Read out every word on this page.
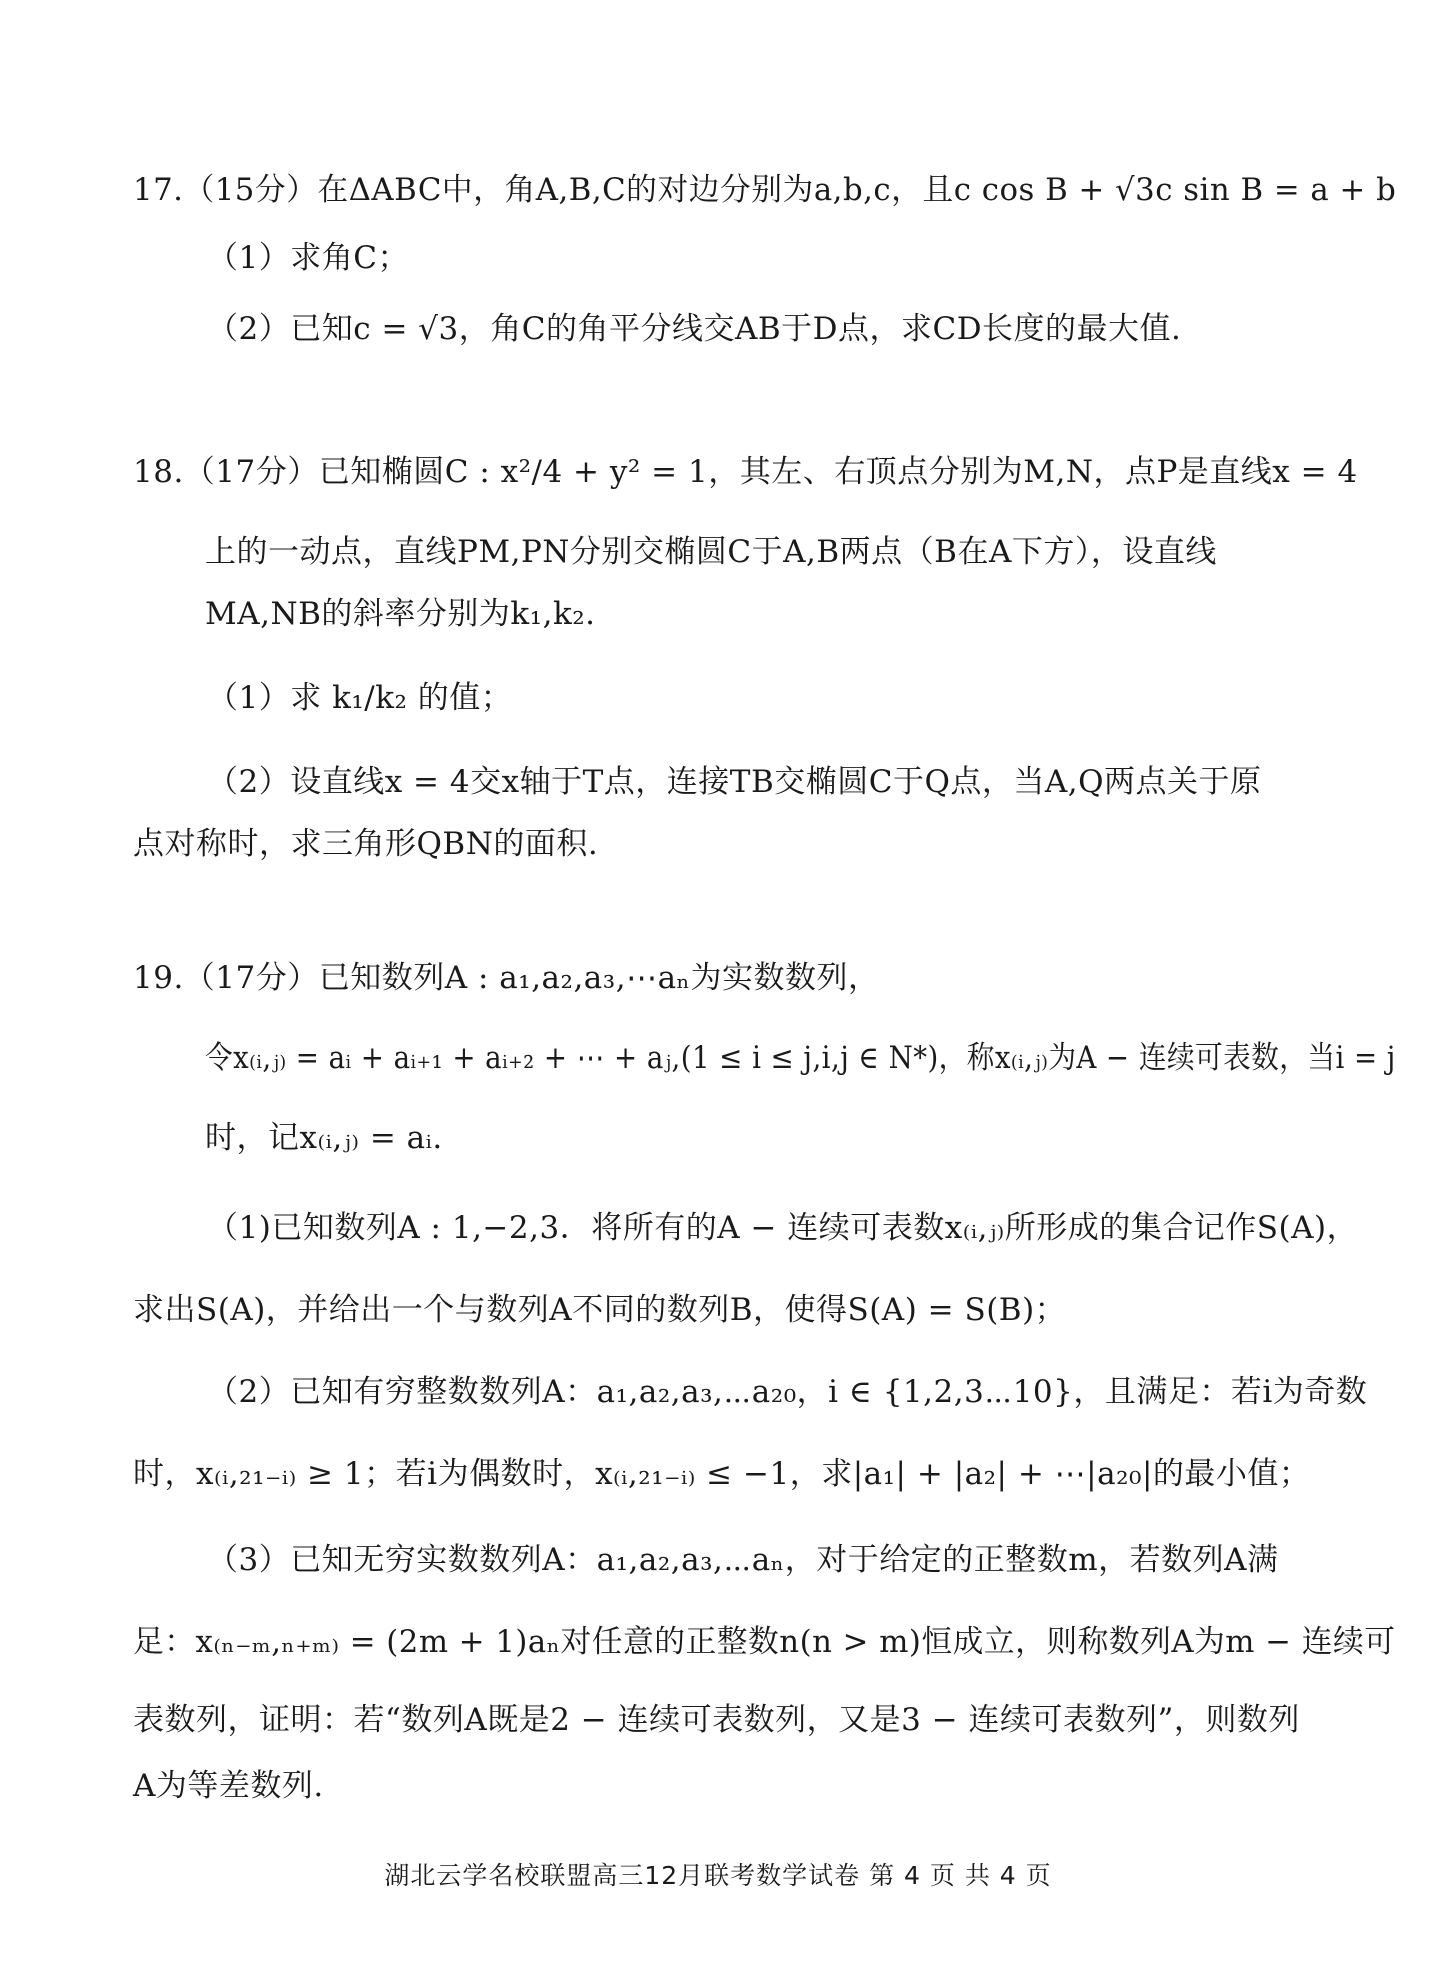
17.（15分）在ΔABC中，角A,B,C的对边分别为a,b,c，且c cos B + √3c sin B = a + b
（1）求角C；
（2）已知c = √3，角C的角平分线交AB于D点，求CD长度的最大值.
18.（17分）已知椭圆C : x²/4 + y² = 1，其左、右顶点分别为M,N，点P是直线x = 4
上的一动点，直线PM,PN分别交椭圆C于A,B两点（B在A下方），设直线
MA,NB的斜率分别为k₁,k₂.
（1）求 k₁/k₂ 的值；
（2）设直线x = 4交x轴于T点，连接TB交椭圆C于Q点，当A,Q两点关于原
点对称时，求三角形QBN的面积.
19.（17分）已知数列A : a₁,a₂,a₃,⋯aₙ为实数数列，
令x₍ᵢ,ⱼ₎ = aᵢ + aᵢ₊₁ + aᵢ₊₂ + ⋯ + aⱼ,(1 ≤ i ≤ j,i,j ∈ N*)，称x₍ᵢ,ⱼ₎为A − 连续可表数，当i = j
时，记x₍ᵢ,ⱼ₎ = aᵢ.
（1)已知数列A : 1,−2,3．将所有的A − 连续可表数x₍ᵢ,ⱼ₎所形成的集合记作S(A)，
求出S(A)，并给出一个与数列A不同的数列B，使得S(A) = S(B)；
（2）已知有穷整数数列A：a₁,a₂,a₃,⋯a₂₀，i ∈ {1,2,3⋯10}，且满足：若i为奇数
时，x₍ᵢ,₂₁₋ᵢ₎ ≥ 1；若i为偶数时，x₍ᵢ,₂₁₋ᵢ₎ ≤ −1，求|a₁| + |a₂| + ⋯|a₂₀|的最小值；
（3）已知无穷实数数列A：a₁,a₂,a₃,⋯aₙ，对于给定的正整数m，若数列A满
足：x₍ₙ₋ₘ,ₙ₊ₘ₎ = (2m + 1)aₙ对任意的正整数n(n > m)恒成立，则称数列A为m − 连续可
表数列，证明：若“数列A既是2 − 连续可表数列，又是3 − 连续可表数列”，则数列
A为等差数列.
湖北云学名校联盟高三12月联考数学试卷 第 4 页 共 4 页
